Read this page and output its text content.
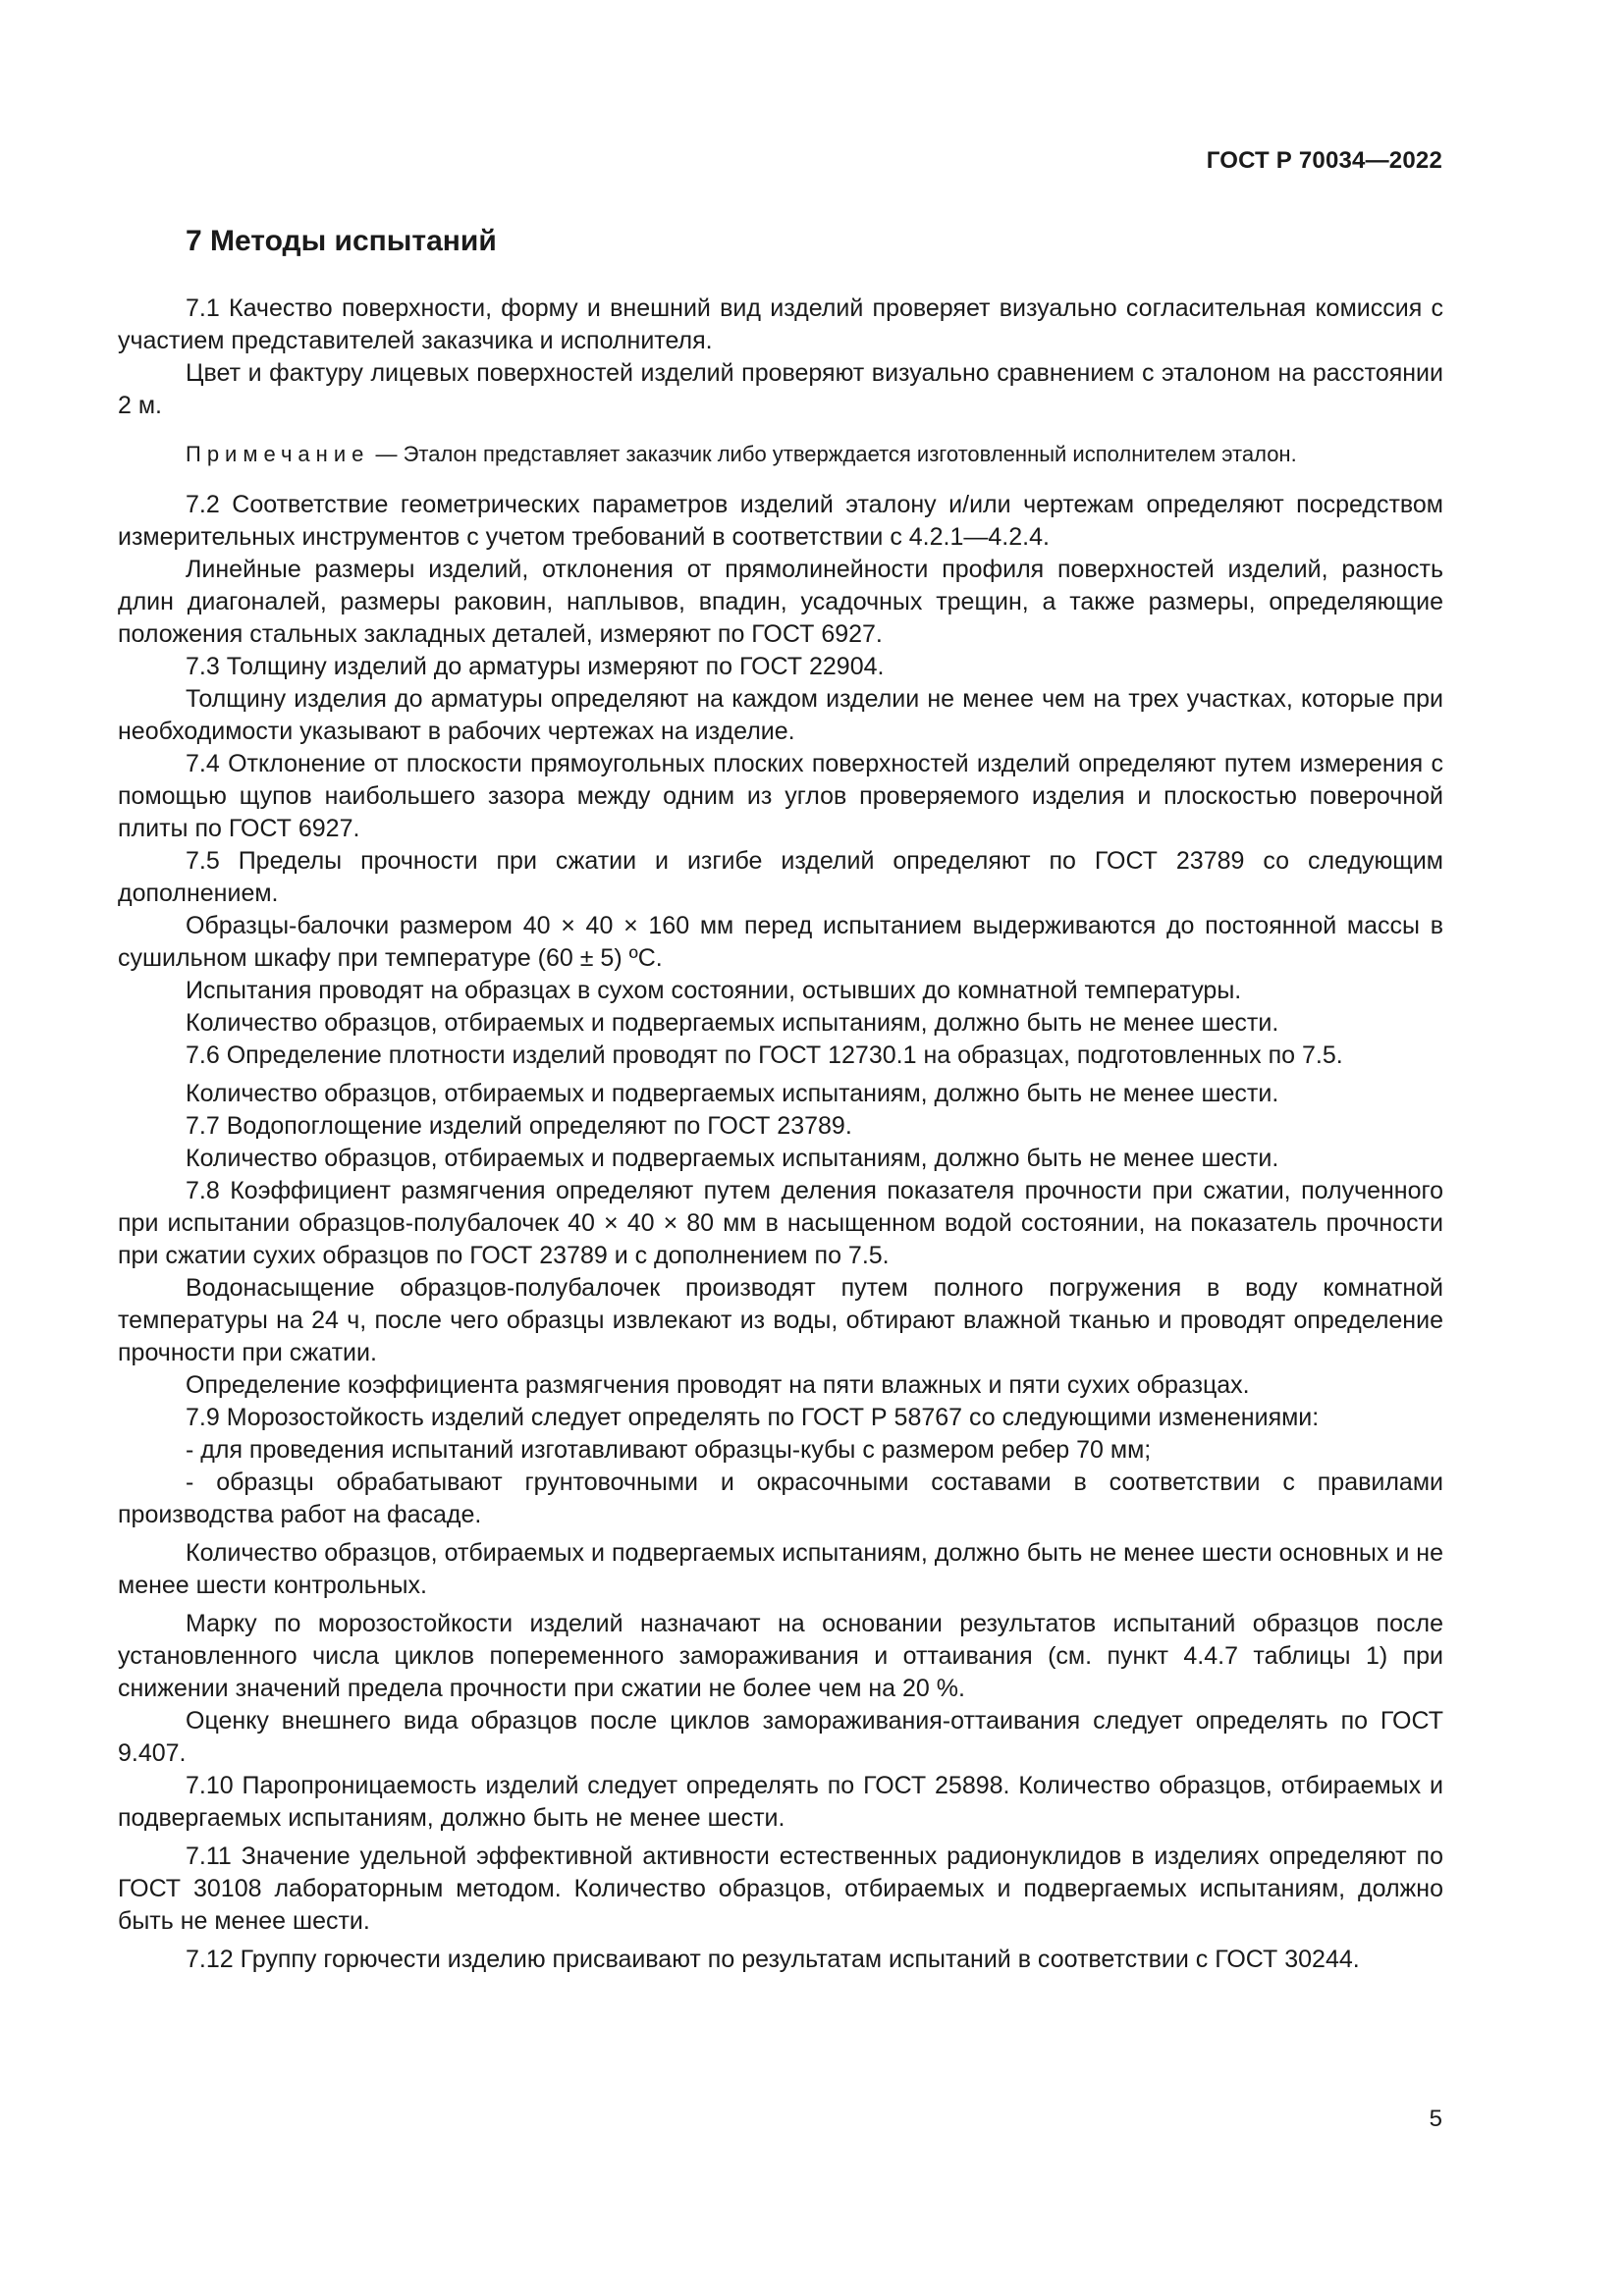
ГОСТ Р 70034—2022
7 Методы испытаний

7.1 Качество поверхности, форму и внешний вид изделий проверяет визуально согласительная комиссия с участием представителей заказчика и исполнителя.

Цвет и фактуру лицевых поверхностей изделий проверяют визуально сравнением с эталоном на расстоянии 2 м.

Примечание — Эталон представляет заказчик либо утверждается изготовленный исполнителем эталон.

7.2 Соответствие геометрических параметров изделий эталону и/или чертежам определяют посредством измерительных инструментов с учетом требований в соответствии с 4.2.1—4.2.4.

Линейные размеры изделий, отклонения от прямолинейности профиля поверхностей изделий, разность длин диагоналей, размеры раковин, наплывов, впадин, усадочных трещин, а также размеры, определяющие положения стальных закладных деталей, измеряют по ГОСТ 6927.

7.3 Толщину изделий до арматуры измеряют по ГОСТ 22904.

Толщину изделия до арматуры определяют на каждом изделии не менее чем на трех участках, которые при необходимости указывают в рабочих чертежах на изделие.

7.4 Отклонение от плоскости прямоугольных плоских поверхностей изделий определяют путем измерения с помощью щупов наибольшего зазора между одним из углов проверяемого изделия и плоскостью поверочной плиты по ГОСТ 6927.

7.5 Пределы прочности при сжатии и изгибе изделий определяют по ГОСТ 23789 со следующим дополнением.

Образцы-балочки размером 40 × 40 × 160 мм перед испытанием выдерживаются до постоянной массы в сушильном шкафу при температуре (60 ± 5) ºC.

Испытания проводят на образцах в сухом состоянии, остывших до комнатной температуры.

Количество образцов, отбираемых и подвергаемых испытаниям, должно быть не менее шести.

7.6 Определение плотности изделий проводят по ГОСТ 12730.1 на образцах, подготовленных по 7.5.

Количество образцов, отбираемых и подвергаемых испытаниям, должно быть не менее шести.

7.7 Водопоглощение изделий определяют по ГОСТ 23789.

Количество образцов, отбираемых и подвергаемых испытаниям, должно быть не менее шести.

7.8 Коэффициент размягчения определяют путем деления показателя прочности при сжатии, полученного при испытании образцов-полубалочек 40 × 40 × 80 мм в насыщенном водой состоянии, на показатель прочности при сжатии сухих образцов по ГОСТ 23789 и с дополнением по 7.5.

Водонасыщение образцов-полубалочек производят путем полного погружения в воду комнатной температуры на 24 ч, после чего образцы извлекают из воды, обтирают влажной тканью и проводят определение прочности при сжатии.

Определение коэффициента размягчения проводят на пяти влажных и пяти сухих образцах.

7.9 Морозостойкость изделий следует определять по ГОСТ Р 58767 со следующими изменениями:

- для проведения испытаний изготавливают образцы-кубы с размером ребер 70 мм;

- образцы обрабатывают грунтовочными и окрасочными составами в соответствии с правилами производства работ на фасаде.

Количество образцов, отбираемых и подвергаемых испытаниям, должно быть не менее шести основных и не менее шести контрольных.

Марку по морозостойкости изделий назначают на основании результатов испытаний образцов после установленного числа циклов попеременного замораживания и оттаивания (см. пункт 4.4.7 таблицы 1) при снижении значений предела прочности при сжатии не более чем на 20 %.

Оценку внешнего вида образцов после циклов замораживания-оттаивания следует определять по ГОСТ 9.407.

7.10 Паропроницаемость изделий следует определять по ГОСТ 25898. Количество образцов, отбираемых и подвергаемых испытаниям, должно быть не менее шести.

7.11 Значение удельной эффективной активности естественных радионуклидов в изделиях определяют по ГОСТ 30108 лабораторным методом. Количество образцов, отбираемых и подвергаемых испытаниям, должно быть не менее шести.

7.12 Группу горючести изделию присваивают по результатам испытаний в соответствии с ГОСТ 30244.

5
